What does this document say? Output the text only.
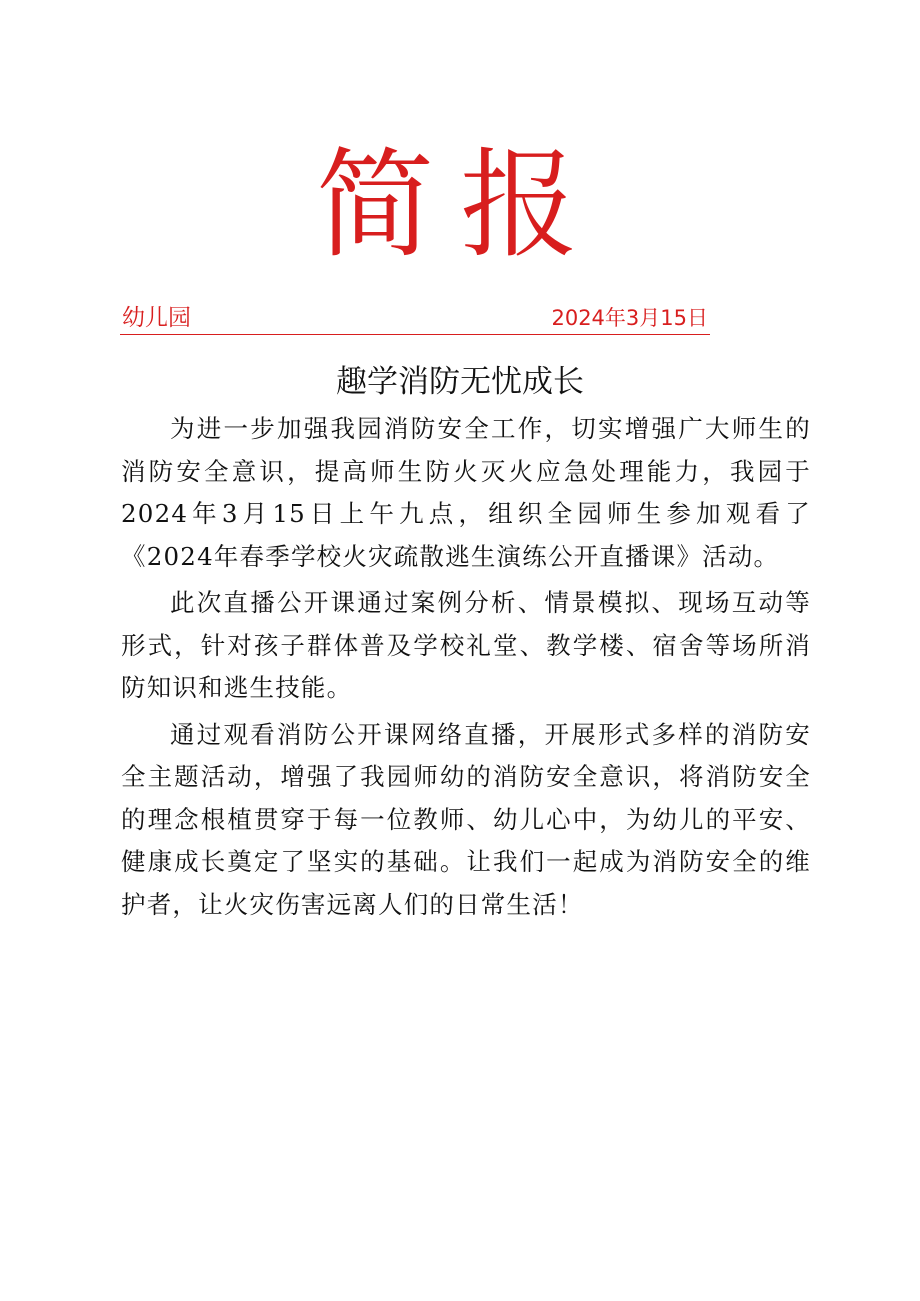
简报
幼儿园	2024年3月15日
趣学消防无忧成长

为进一步加强我园消防安全工作，切实增强广大师生的消防安全意识，提高师生防火灭火应急处理能力，我园于2024年3月15日上午九点，组织全园师生参加观看了《2024年春季学校火灾疏散逃生演练公开直播课》活动。

此次直播公开课通过案例分析、情景模拟、现场互动等形式，针对孩子群体普及学校礼堂、教学楼、宿舍等场所消防知识和逃生技能。

通过观看消防公开课网络直播，开展形式多样的消防安全主题活动，增强了我园师幼的消防安全意识，将消防安全的理念根植贯穿于每一位教师、幼儿心中，为幼儿的平安、健康成长奠定了坚实的基础。让我们一起成为消防安全的维护者，让火灾伤害远离人们的日常生活！
